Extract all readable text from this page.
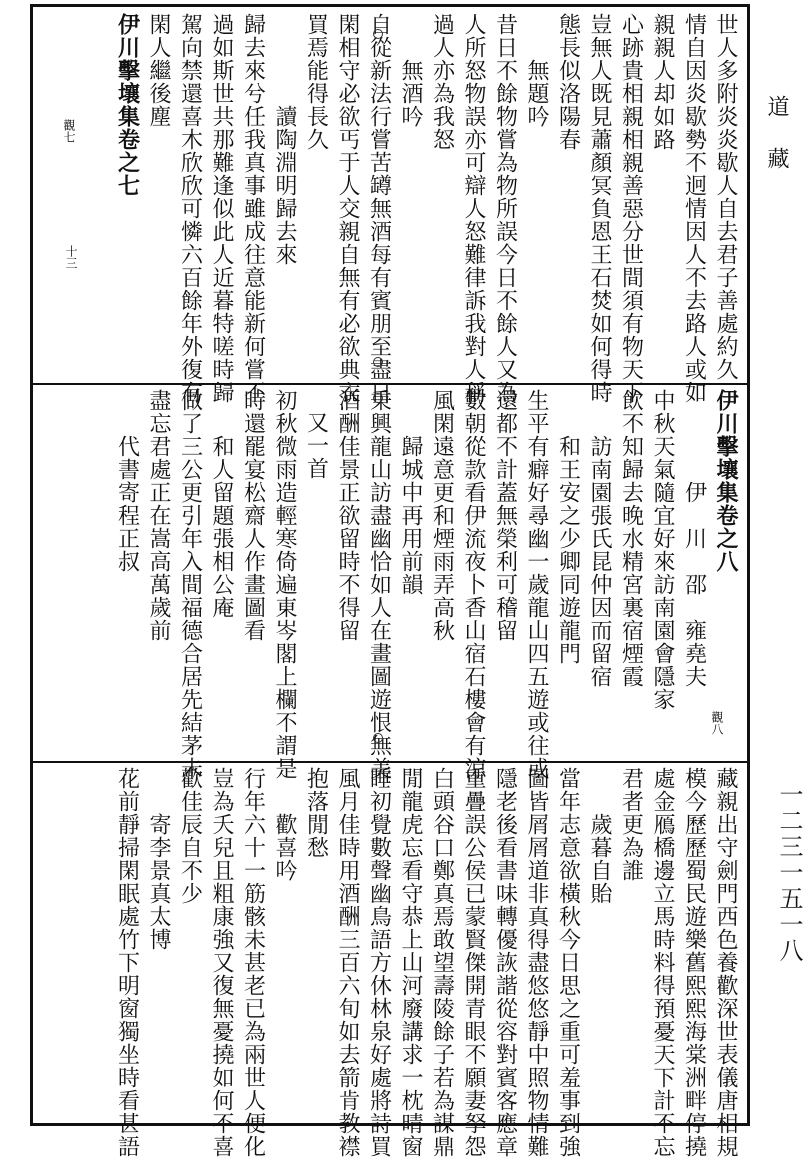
道藏
一二三一五一八
世人多附炎炎歇人自去君子善處約久
情自因炎歇勢不迥情因人不去路人或如
親親人却如路
心跡貴相親相親善惡分世間須有物天下
豈無人既見蕭顏冥負恩王石焚如何得時
態長似洛陽春
無題吟
昔日不餘物嘗為物所誤今日不餘人又為
人所怒物誤亦可辯人怒難律訴我對人稱
過人亦為我怒
無酒吟
自從新法行嘗苦罇無酒每有賓朋至盡日
閑相守必欲丐于人交親自無有必欲典衣
買焉能得長久
讀陶淵明歸去來
歸去來兮任我真事雖成往意能新何嘗不
過如斯世共那難逢似此人近暮特嗟時歸
駕向禁還喜木欣欣可憐六百餘年外復有
閑人繼後塵
伊川擊壤集卷之七
觀七
十三
伊川擊壤集卷之八
伊　川　邵　雍堯夫
中秋天氣隨宜好來訪南園會隱家
飲不知歸去晚水精宮裏宿煙霞
訪南園張氏昆仲因而留宿
和王安之少卿同遊龍門
生平有癖好尋幽一歲龍山四五遊或往或
還都不計蓋無榮利可稽留
數朝從款看伊流夜卜香山宿石樓會有涼
風閑遠意更和煙雨弄高秋
歸城中再用前韻
秉興龍山訪盡幽恰如人在畫圖遊恨無美
酒酬佳景正欲留時不得留
又一首
初秋微雨造輕寒倚遍東岑閣上欄不謂是
時還罷宴松齋人作畫圖看
和人留題張相公庵
做了三公更引年入間福德合居先結茅未
盡忘君處正在嵩高萬歲前
代書寄程正叔
觀八
藏親出守劍門西色養歡深世表儀唐相規
模今歷歷蜀民遊樂舊熙熙海棠洲畔停撓
處金鴈橋邊立馬時料得預憂天下計不忘
君者更為誰
歲暮自貽
當年志意欲橫秋今日思之重可羞事到強
圖皆屑屑道非真得盡悠悠靜中照物情難
隱老後看書味轉優詼諧從容對賓客應章
重疊誤公侯已蒙賢傑開青眼不願妻孥怨
白頭谷口鄭真焉敢望壽陵餘子若為謀鼎
閒龍虎忘看守恭上山河廢講求一枕晴窗
睡初覺數聲幽鳥語方休林泉好處將詩買
風月佳時用酒酬三百六旬如去箭肯教襟
抱落閒愁
歡喜吟
行年六十一筋骸未甚老已為兩世人便化
豈為夭兒且粗康強又復無憂撓如何不喜
歡佳辰自不少
寄李景真太博
花前靜掃閑眠處竹下明窗獨坐時看甚語
